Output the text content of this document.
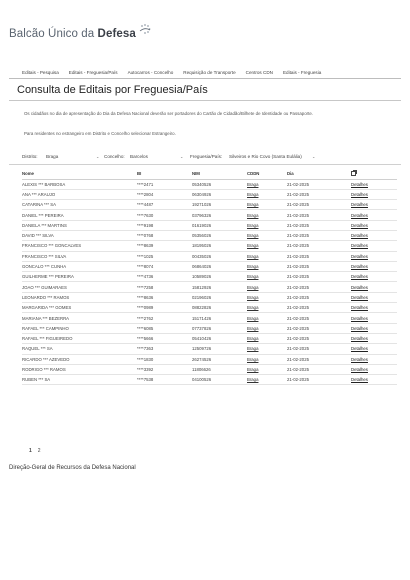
Balcão Único da Defesa
Editais - Pesquisa Editais - Freguesia/País Autocarros - Concelho Requisição de Transporte Centros CDN Editais - Freguesia
Consulta de Editais por Freguesia/País
Os cidadãos no dia de apresentação do Dia da Defesa Nacional deverão ser portadores do Cartão de Cidadão/Bilhete de Identidade ou Passaporte.
Para residentes no estrangeiro em Distrito e Concelho selecionar Estrangeiro.
Distrito: Braga	⌄ Concelho: Barcelos	⌄ Freguesia/País: Silveiros e Rio Covo (Santa Eulália)	⌄
Nome	BI	NIM	CDDN	Dia	
ALEXIS *** BARBOSA	****2471	05340526	Braga	21-02-2025	Detalhes
ANA *** ARAUJO	****2804	06304926	Braga	21-02-2025	Detalhes
CATARINA *** SA	****4487	19271026	Braga	21-02-2025	Detalhes
DANIEL *** PEREIRA	****7630	03796326	Braga	21-02-2025	Detalhes
DANIELA *** MARTINS	****9198	01619026	Braga	21-02-2025	Detalhes
DAVID *** SILVA	****0768	05356026	Braga	21-02-2025	Detalhes
FRANCISCO *** GONCALVES	****8639	18195026	Braga	21-02-2025	Detalhes
FRANCISCO *** SILVA	****1025	00435026	Braga	21-02-2025	Detalhes
GONCALO *** CUNHA	****8074	06864026	Braga	21-02-2025	Detalhes
GUILHERME *** PEREIRA	****4736	10589026	Braga	21-02-2025	Detalhes
JOAO *** GUIMARAES	****7258	15812926	Braga	21-02-2025	Detalhes
LEONARDO *** RAMOS	****8636	02196026	Braga	21-02-2025	Detalhes
MARGARIDA *** GOMES	****0989	08822826	Braga	21-02-2025	Detalhes
MARIANA *** BEZERRA	****2762	15171426	Braga	21-02-2025	Detalhes
RAFAEL *** CAMPINHO	****6085	07737826	Braga	21-02-2025	Detalhes
RAFAEL *** FIGUEIREDO	****5666	05410426	Braga	21-02-2025	Detalhes
RAQUEL *** SA	****7363	12509726	Braga	21-02-2025	Detalhes
RICARDO *** AZEVEDO	****1830	26274526	Braga	21-02-2025	Detalhes
RODRIGO *** RAMOS	****3392	11806626	Braga	21-02-2025	Detalhes
RUBEN *** SA	****7538	04100526	Braga	21-02-2025	Detalhes
1 2
Direção-Geral de Recursos da Defesa Nacional
